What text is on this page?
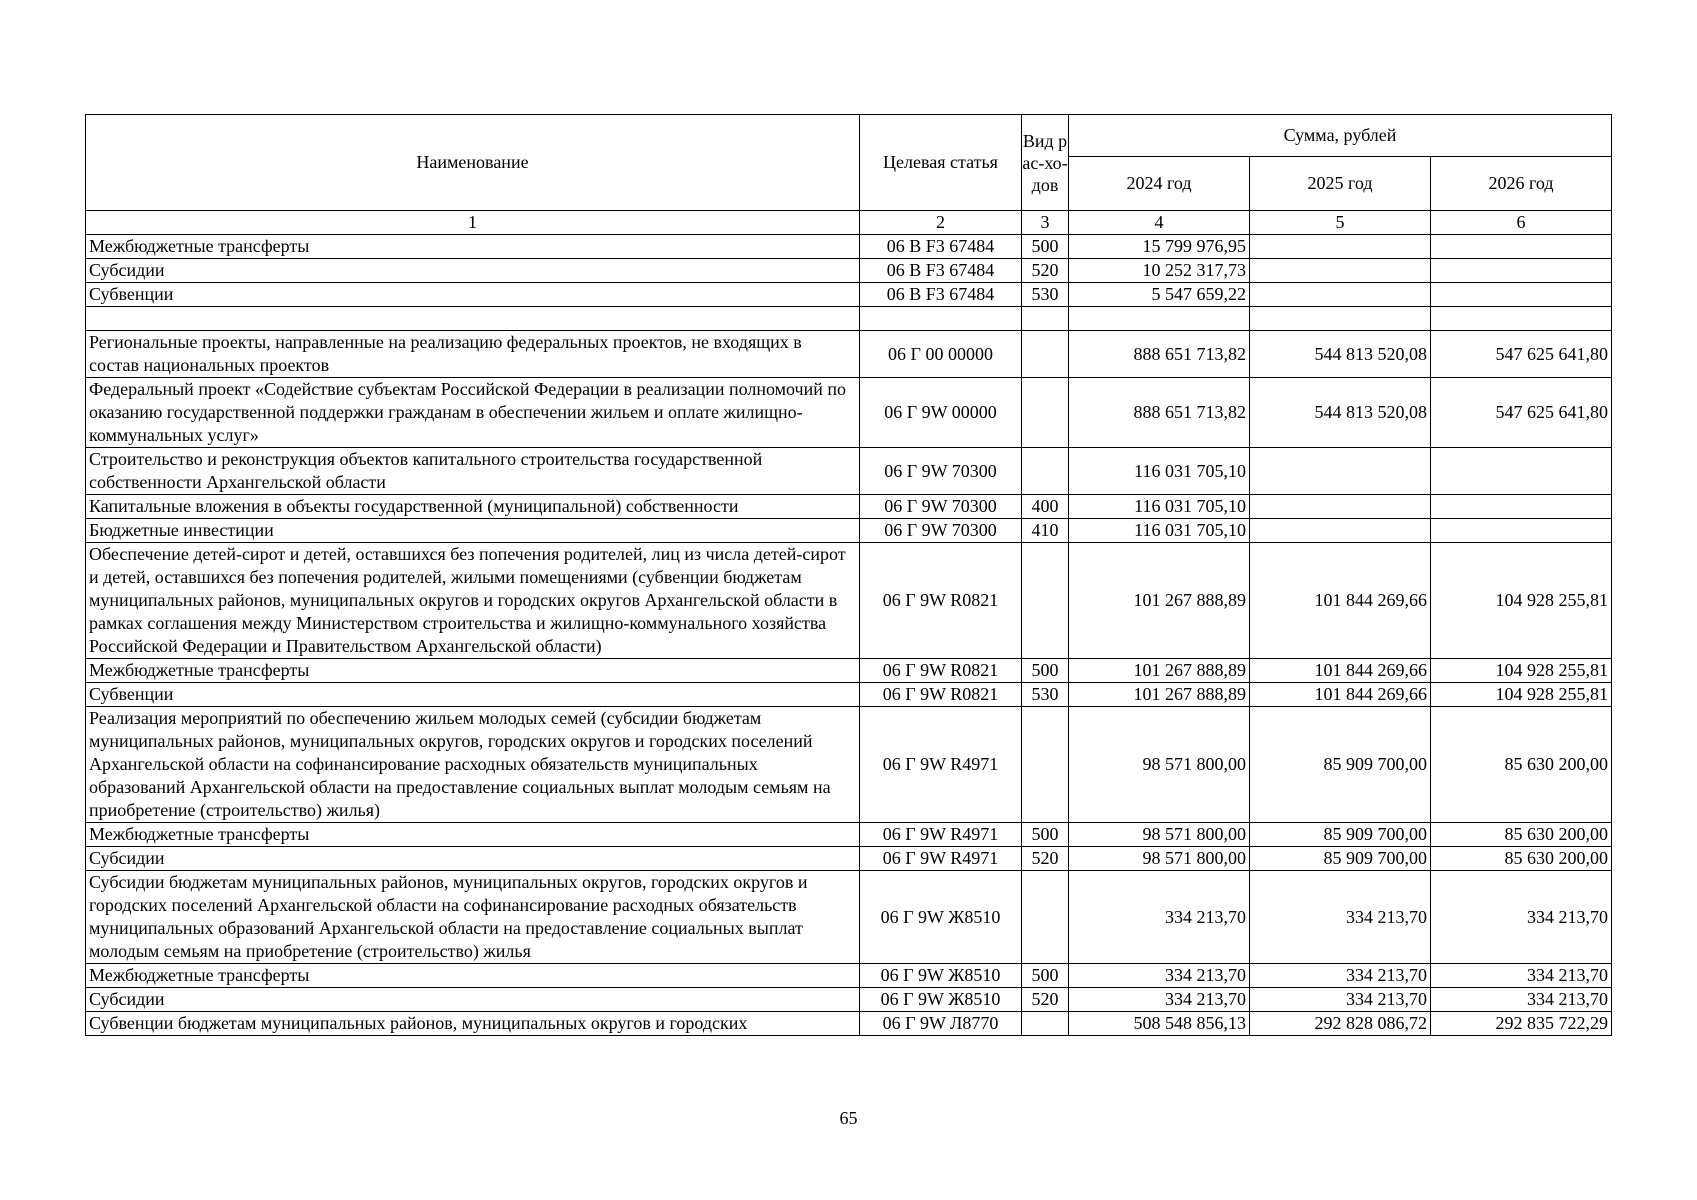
Наименование	Целевая статья	Вид рас-хо-дов	Сумма, рублей		
			2024 год	2025 год	2026 год
1	2	3	4	5	6
Межбюджетные трансферты	06 В F3 67484	500	15 799 976,95		
Субсидии	06 В F3 67484	520	10 252 317,73		
Субвенции	06 В F3 67484	530	5 547 659,22		

Региональные проекты, направленные на реализацию федеральных проектов, не входящих в состав национальных проектов	06 Г 00 00000		888 651 713,82	544 813 520,08	547 625 641,80
Федеральный проект «Содействие субъектам Российской Федерации в реализации полномочий по оказанию государственной поддержки гражданам в обеспечении жильем и оплате жилищно-коммунальных услуг»	06 Г 9W 00000		888 651 713,82	544 813 520,08	547 625 641,80
Строительство и реконструкция объектов капитального строительства государственной собственности Архангельской области	06 Г 9W 70300		116 031 705,10		
Капитальные вложения в объекты государственной (муниципальной) собственности	06 Г 9W 70300	400	116 031 705,10		
Бюджетные инвестиции	06 Г 9W 70300	410	116 031 705,10		
Обеспечение детей-сирот и детей, оставшихся без попечения родителей, лиц из числа детей-сирот и детей, оставшихся без попечения родителей, жилыми помещениями (субвенции бюджетам муниципальных районов, муниципальных округов и городских округов Архангельской области в рамках соглашения между Министерством строительства и жилищно-коммунального хозяйства Российской Федерации и Правительством Архангельской области)	06 Г 9W R0821		101 267 888,89	101 844 269,66	104 928 255,81
Межбюджетные трансферты	06 Г 9W R0821	500	101 267 888,89	101 844 269,66	104 928 255,81
Субвенции	06 Г 9W R0821	530	101 267 888,89	101 844 269,66	104 928 255,81
Реализация мероприятий по обеспечению жильем молодых семей (субсидии бюджетам муниципальных районов, муниципальных округов, городских округов и городских поселений Архангельской области на софинансирование расходных обязательств муниципальных образований Архангельской области на предоставление социальных выплат молодым семьям на приобретение (строительство) жилья)	06 Г 9W R4971		98 571 800,00	85 909 700,00	85 630 200,00
Межбюджетные трансферты	06 Г 9W R4971	500	98 571 800,00	85 909 700,00	85 630 200,00
Субсидии	06 Г 9W R4971	520	98 571 800,00	85 909 700,00	85 630 200,00
Субсидии бюджетам муниципальных районов, муниципальных округов, городских округов и городских поселений Архангельской области на софинансирование расходных обязательств муниципальных образований Архангельской области на предоставление социальных выплат молодым семьям на приобретение (строительство) жилья	06 Г 9W Ж8510		334 213,70	334 213,70	334 213,70
Межбюджетные трансферты	06 Г 9W Ж8510	500	334 213,70	334 213,70	334 213,70
Субсидии	06 Г 9W Ж8510	520	334 213,70	334 213,70	334 213,70
Субвенции бюджетам муниципальных районов, муниципальных округов и городских	06 Г 9W Л8770		508 548 856,13	292 828 086,72	292 835 722,29
65
